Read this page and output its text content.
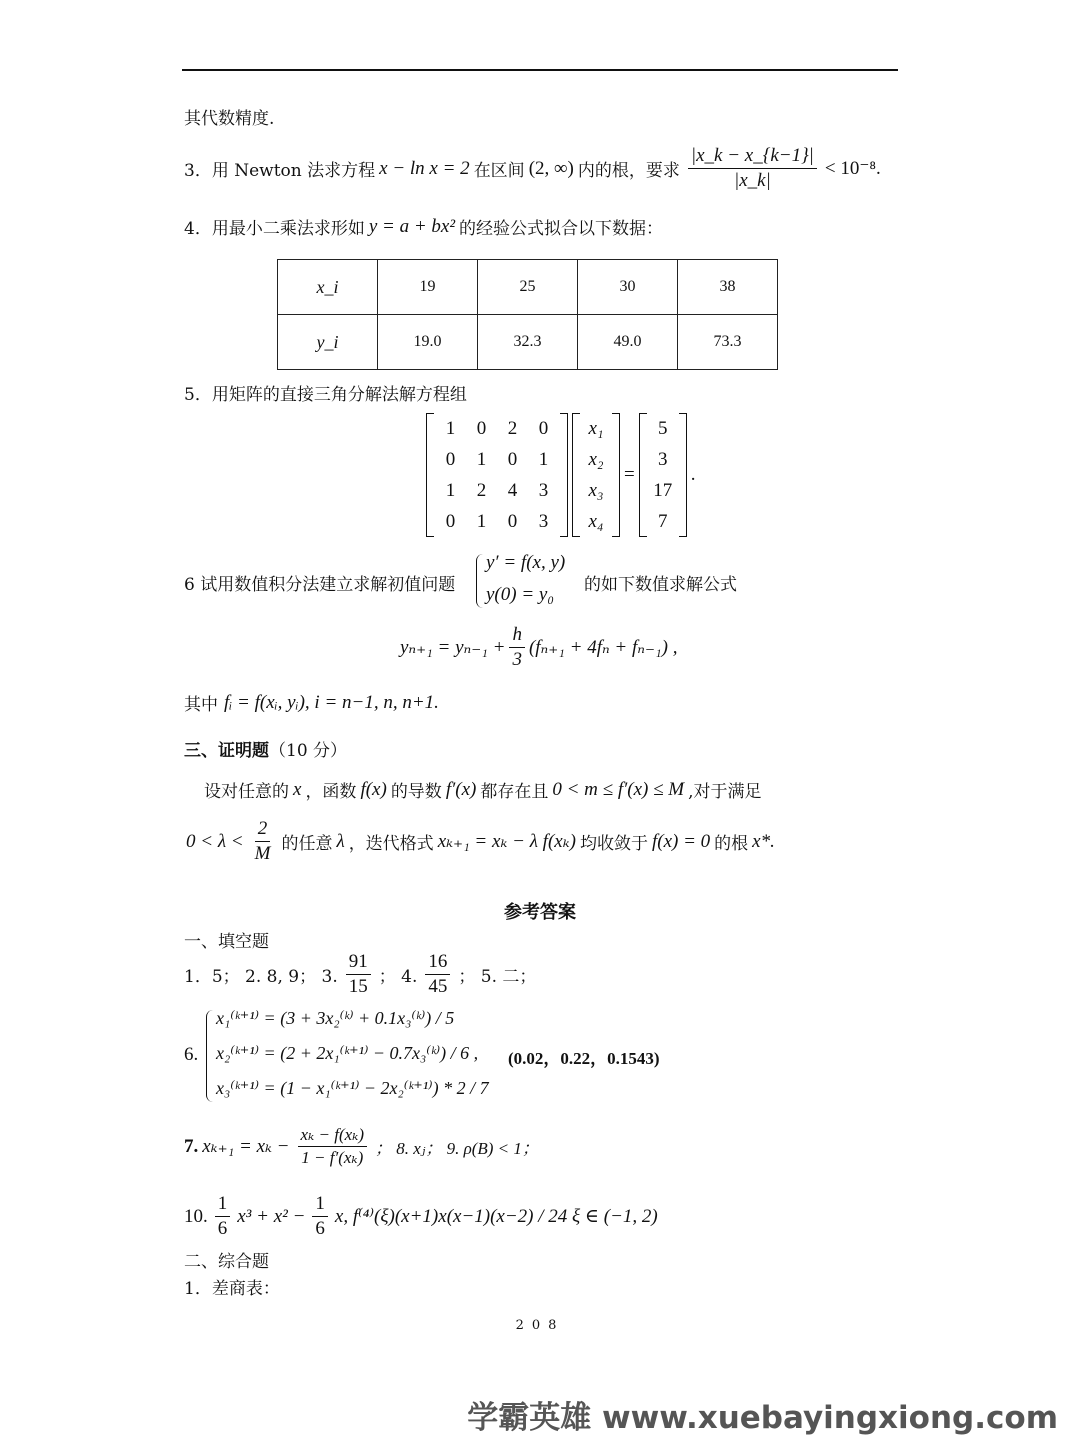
其代数精度.
3．用 Newton 法求方程 x − ln x = 2 在区间 (2, ∞) 内的根，要求 $\frac{|x\_k - x\_\{k-1\}|}{|x\_k|} < 10^{-8}$.
4．用最小二乘法求形如 y = a + bx² 的经验公式拟合以下数据：
x_i	19	25	30	38
y_i	19.0	32.3	49.0	73.3
5．用矩阵的直接三角分解法解方程组
1	0	2	0
0	1	0	1
1	2	4	3
0	1	0	3
x₁
x₂
x₃
x₄
=
5
3
17
7
.
6 试用数值积分法建立求解初值问题
y′ = f(x, y)
y(0) = y₀ 的如下数值求解公式
$y_{n+1} = y_{n-1} + \frac{h}{3} (f_{n+1} + 4f_n + f_{n-1})$ ,
其中 fᵢ = f(xᵢ, yᵢ), i = n−1, n, n+1.
三、证明题（10 分）
设对任意的 x ，函数 f(x) 的导数 f′(x) 都存在且 0 < m ≤ f′(x) ≤ M ,对于满足
$0 < \lambda < \frac{2}{M}$ 的任意 λ ，迭代格式 xₖ₊₁ = xₖ − λ f(xₖ) 均收敛于 f(x) = 0 的根 x*.
参考答案
一、填空题
1．5； 2. 8, 9； 3. $\frac{91}{15}$ ； 4. $\frac{16}{45}$ ； 5. 二；
6.
x₁⁽ᵏ⁺¹⁾ = (3 + 3x₂⁽ᵏ⁾ + 0.1x₃⁽ᵏ⁾) / 5
x₂⁽ᵏ⁺¹⁾ = (2 + 2x₁⁽ᵏ⁺¹⁾ − 0.7x₃⁽ᵏ⁾) / 6 ,
x₃⁽ᵏ⁺¹⁾ = (1 − x₁⁽ᵏ⁺¹⁾ − 2x₂⁽ᵏ⁺¹⁾) * 2 / 7
(0.02，0.22，0.1543)
7. $x_{k+1} = x_k - \frac{\text{xₖ − f(xₖ)}}{\text{1 − f′(xₖ)}}$ ； 8. xⱼ； 9. ρ(B) < 1；
10. $\frac{1}{6} x^3 + x^2 - \frac{1}{6} x$, f⁽⁴⁾(ξ)(x+1)x(x−1)(x−2) / 24 ξ ∈ (−1, 2)
二、综合题
1．差商表：
208
学霸英雄 www.xuebayingxiong.com
